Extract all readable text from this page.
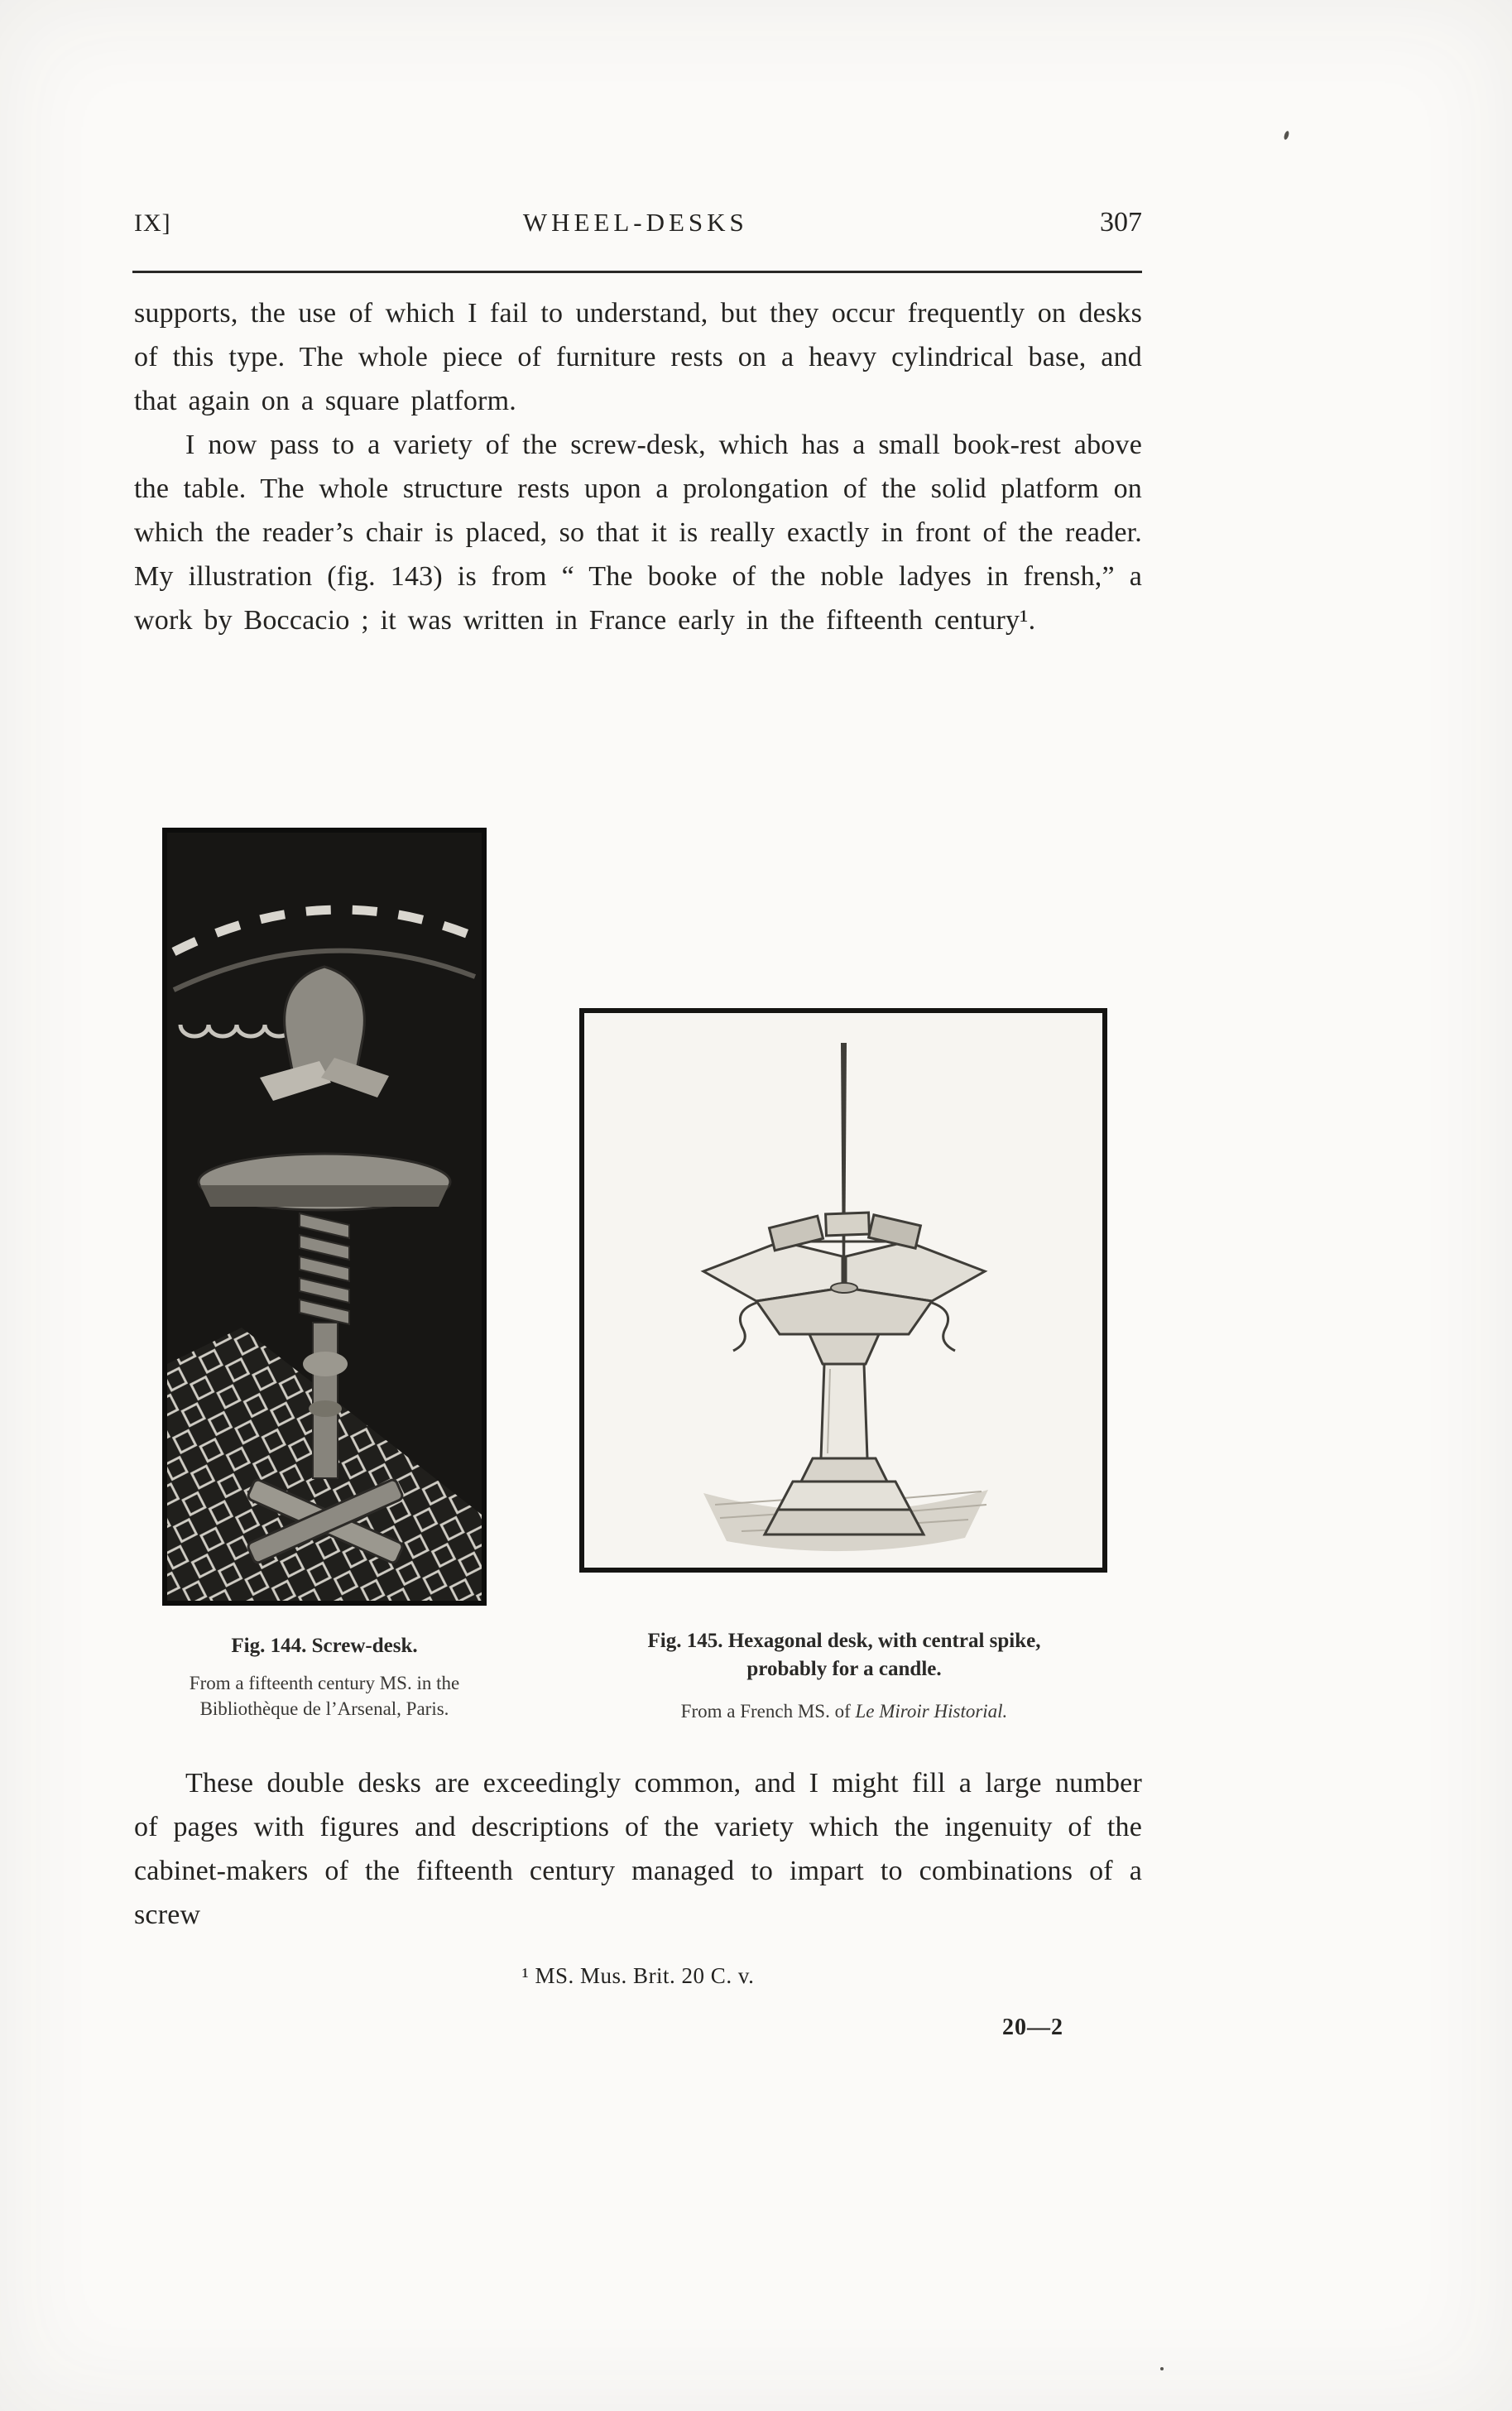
IX]	WHEEL-DESKS	307

supports, the use of which I fail to understand, but they occur frequently on desks of this type. The whole piece of furniture rests on a heavy cylindrical base, and that again on a square platform.

I now pass to a variety of the screw-desk, which has a small book-rest above the table. The whole structure rests upon a prolongation of the solid platform on which the reader’s chair is placed, so that it is really exactly in front of the reader. My illustration (fig. 143) is from “ The booke of the noble ladyes in frensh,” a work by Boccacio ; it was written in France early in the fifteenth century¹.

Fig. 144. Screw-desk.
From a fifteenth century MS. in the
Bibliothèque de l’Arsenal, Paris.
Fig. 145. Hexagonal desk, with central spike,
probably for a candle.
From a French MS. of Le Miroir Historial.

These double desks are exceedingly common, and I might fill a large number of pages with figures and descriptions of the variety which the ingenuity of the cabinet-makers of the fifteenth century managed to impart to combinations of a screw

¹ MS. Mus. Brit. 20 C. v.
20—2
